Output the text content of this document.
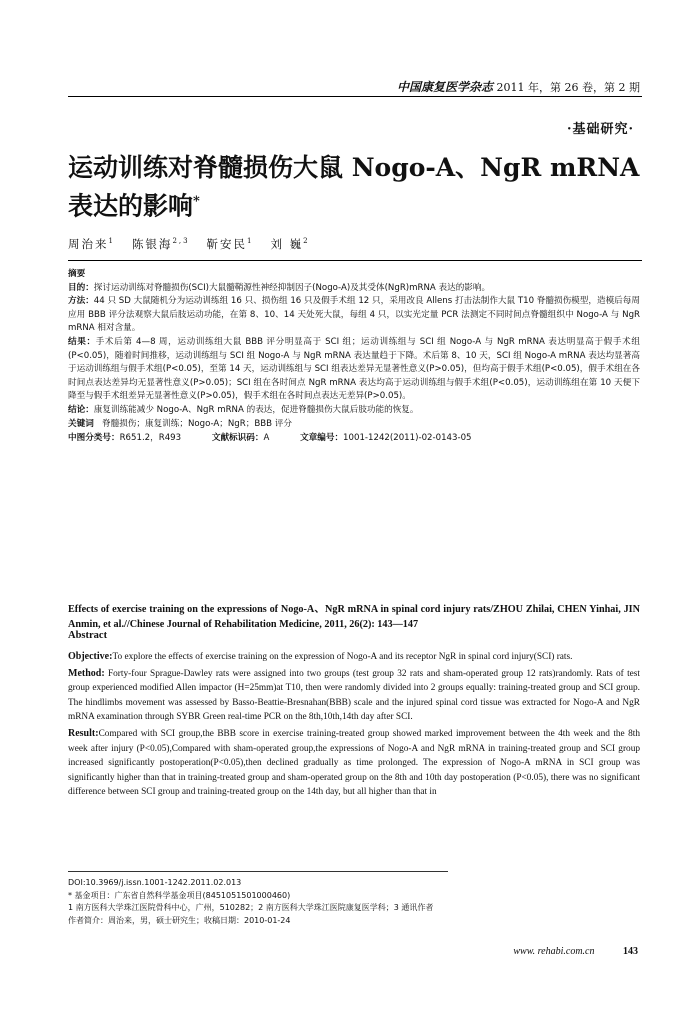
中国康复医学杂志 2011 年，第 26 卷，第 2 期
·基础研究·
运动训练对脊髓损伤大鼠 Nogo-A、NgR mRNA
表达的影响*
周治来$^1$ 陈银海$^{2,3}$ 靳安民$^1$ 刘 巍$^2$

摘要

目的：探讨运动训练对脊髓损伤(SCI)大鼠髓鞘源性神经抑制因子(Nogo-A)及其受体(NgR)mRNA 表达的影响。

方法：44 只 SD 大鼠随机分为运动训练组 16 只、损伤组 16 只及假手术组 12 只，采用改良 Allens 打击法制作大鼠 T10 脊髓损伤模型，造模后每周应用 BBB 评分法观察大鼠后肢运动功能，在第 8、10、14 天处死大鼠，每组 4 只，以实光定量 PCR 法测定不同时间点脊髓组织中 Nogo-A 与 NgR mRNA 相对含量。

结果：手术后第 4—8 周，运动训练组大鼠 BBB 评分明显高于 SCI 组；运动训练组与 SCI 组 Nogo-A 与 NgR mRNA 表达明显高于假手术组(P<0.05)，随着时间推移，运动训练组与 SCI 组 Nogo-A 与 NgR mRNA 表达量趋于下降。术后第 8、10 天，SCI 组 Nogo-A mRNA 表达均显著高于运动训练组与假手术组(P<0.05)，至第 14 天，运动训练组与 SCI 组表达差异无显著性意义(P>0.05)，但均高于假手术组(P<0.05)，假手术组在各时间点表达差异均无显著性意义(P>0.05)；SCI 组在各时间点 NgR mRNA 表达均高于运动训练组与假手术组(P<0.05)，运动训练组在第 10 天便下降至与假手术组差异无显著性意义(P>0.05)，假手术组在各时间点表达无差异(P>0.05)。

结论：康复训练能减少 Nogo-A、NgR mRNA 的表达，促进脊髓损伤大鼠后肢功能的恢复。

关键词 脊髓损伤；康复训练；Nogo-A；NgR；BBB 评分

中图分类号：R651.2，R493	文献标识码：A	文章编号：1001-1242(2011)-02-0143-05

Effects of exercise training on the expressions of Nogo-A、NgR mRNA in spinal cord injury rats/ZHOU Zhilai, CHEN Yinhai, JIN Anmin, et al.//Chinese Journal of Rehabilitation Medicine, 2011, 26(2): 143—147
Abstract

Objective:To explore the effects of exercise training on the expression of Nogo-A and its receptor NgR in spinal cord injury(SCI) rats.

Method: Forty-four Sprague-Dawley rats were assigned into two groups (test group 32 rats and sham-operated group 12 rats)randomly. Rats of test group experienced modified Allen impactor (H=25mm)at T10, then were randomly divided into 2 groups equally: training-treated group and SCI group. The hindlimbs movement was assessed by Basso-Beattie-Bresnahan(BBB) scale and the injured spinal cord tissue was extracted for Nogo-A and NgR mRNA examination through SYBR Green real-time PCR on the 8th,10th,14th day after SCI.

Result:Compared with SCI group,the BBB score in exercise training-treated group showed marked improvement between the 4th week and the 8th week after injury (P<0.05),Compared with sham-operated group,the expressions of Nogo-A and NgR mRNA in training-treated group and SCI group increased significantly postoperation(P<0.05),then declined gradually as time prolonged. The expression of Nogo-A mRNA in SCI group was significantly higher than that in training-treated group and sham-operated group on the 8th and 10th day postoperation (P<0.05), there was no significant difference between SCI group and training-treated group on the 14th day, but all higher than that in

DOI:10.3969/j.issn.1001-1242.2011.02.013

* 基金项目：广东省自然科学基金项目(8451051501000460)

1 南方医科大学珠江医院骨科中心，广州，510282；2 南方医科大学珠江医院康复医学科；3 通讯作者

作者简介：周治来，男，硕士研究生；收稿日期：2010-01-24

www. rehabi.com.cn	143
